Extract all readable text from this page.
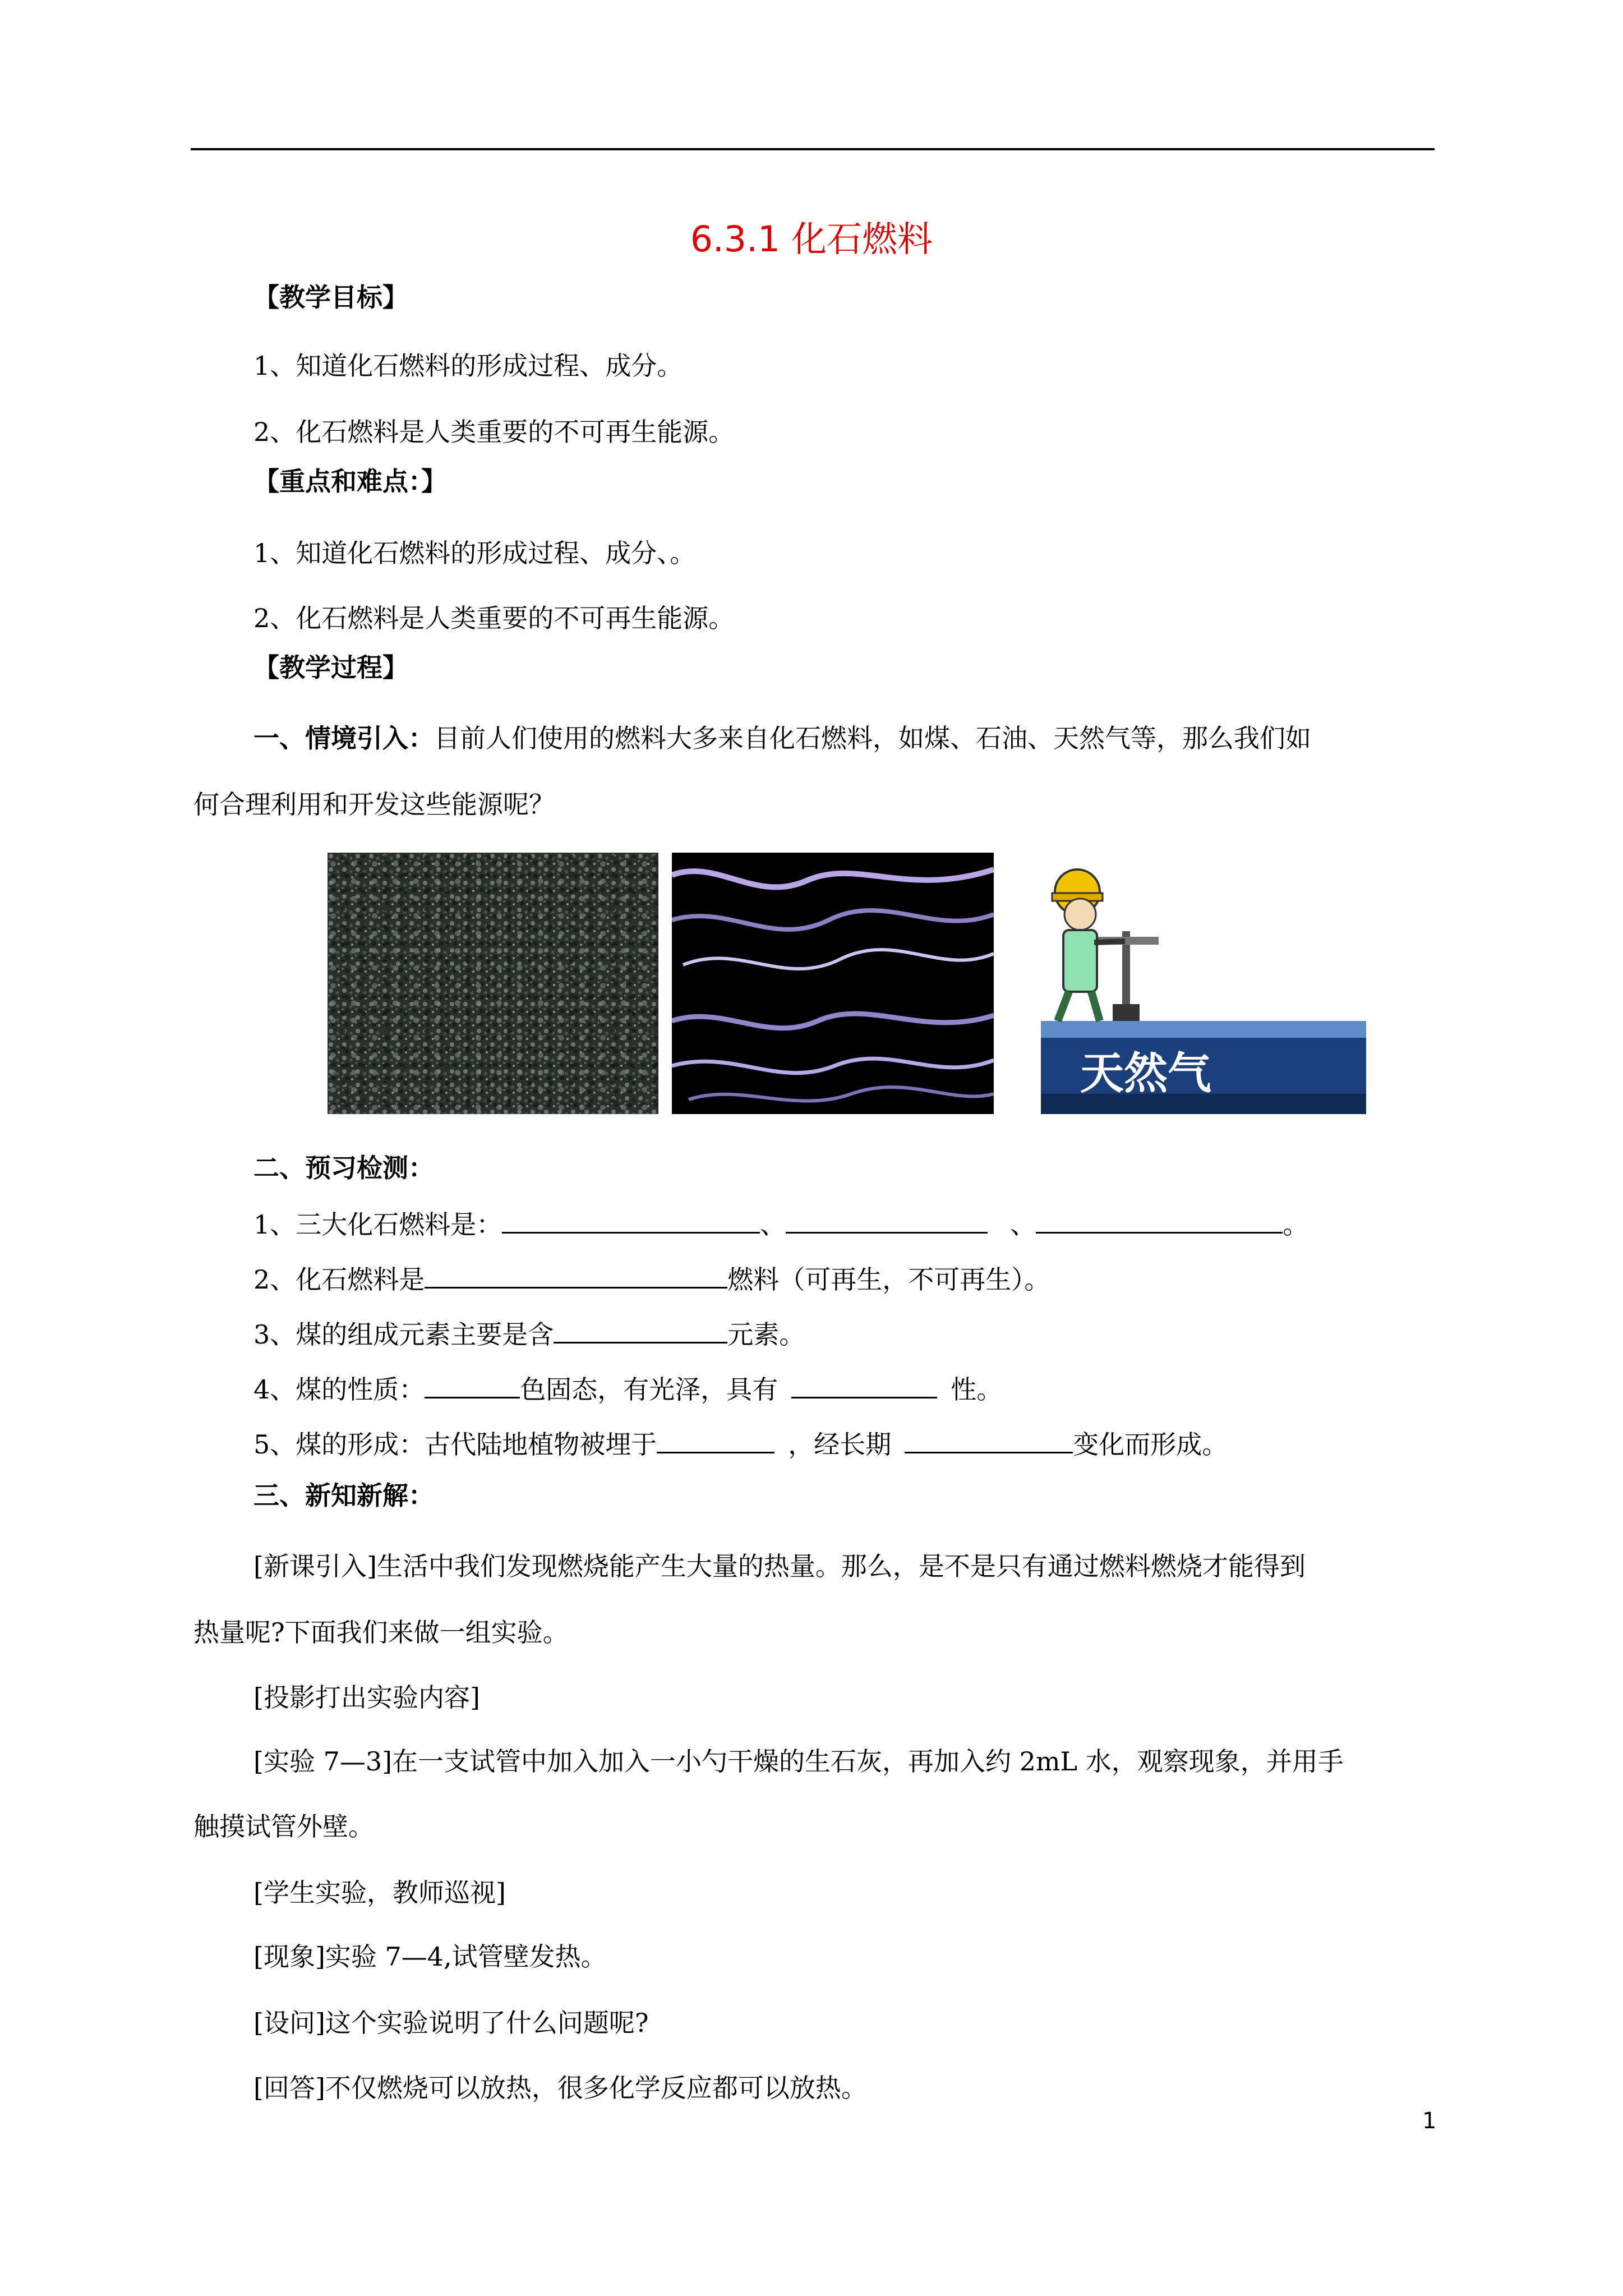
6.3.1 化石燃料
【教学目标】
1、知道化石燃料的形成过程、成分。
2、化石燃料是人类重要的不可再生能源。
【重点和难点：】
1、知道化石燃料的形成过程、成分、。
2、化石燃料是人类重要的不可再生能源。
【教学过程】
一、情境引入：目前人们使用的燃料大多来自化石燃料，如煤、石油、天然气等，那么我们如
何合理利用和开发这些能源呢？
天然气
二、预习检测：
1、三大化石燃料是：	、	、	。
2、化石燃料是	燃料（可再生，不可再生）。
3、煤的组成元素主要是含	元素。
4、煤的性质：	色固态，有光泽，具有	性。
5、煤的形成：古代陆地植物被埋于	，经长期	变化而形成。
三、新知新解：
[新课引入]生活中我们发现燃烧能产生大量的热量。那么，是不是只有通过燃料燃烧才能得到
热量呢?下面我们来做一组实验。
[投影打出实验内容]
[实验 7—3]在一支试管中加入加入一小勺干燥的生石灰，再加入约 2mL 水，观察现象，并用手
触摸试管外壁。
[学生实验，教师巡视]
[现象]实验 7—4,试管壁发热。
[设问]这个实验说明了什么问题呢?
[回答]不仅燃烧可以放热，很多化学反应都可以放热。
1
